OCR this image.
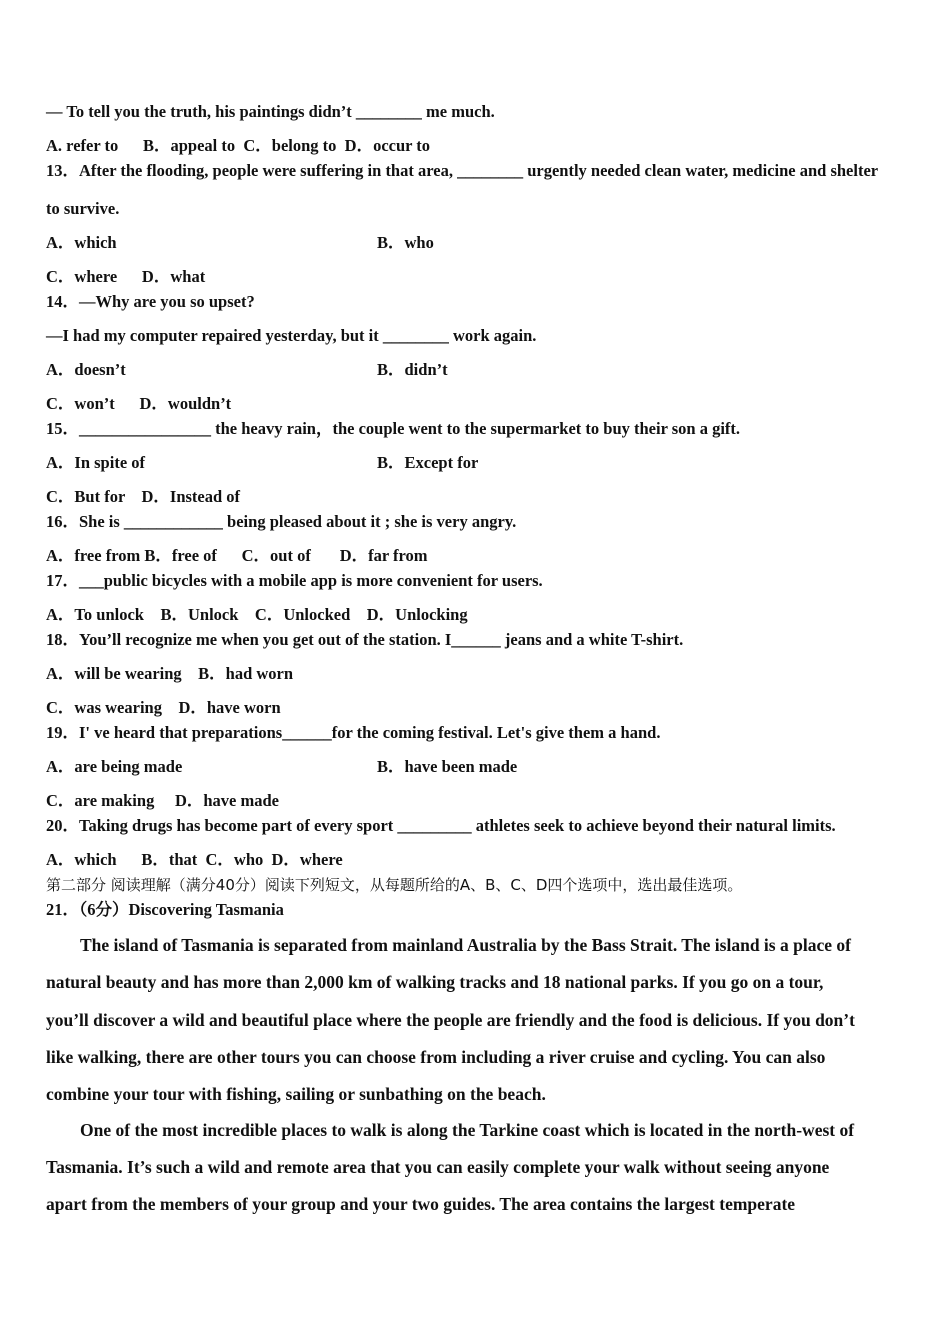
— To tell you the truth, his paintings didn’t ________ me much.
A. refer to      B．appeal to  C．belong to  D．occur to
13．After the flooding, people were suffering in that area, ________ urgently needed clean water, medicine and shelter
to survive.
A．which	B．who
C．where      D．what
14．—Why are you so upset?
—I had my computer repaired yesterday, but it ________ work again.
A．doesn’t	B．didn’t
C．won’t      D．wouldn’t
15．________________ the heavy rain，the couple went to the supermarket to buy their son a gift.
A．In spite of	B．Except for
C．But for    D．Instead of
16．She is ____________ being pleased about it ; she is very angry.
A．free from B．free of      C．out of       D．far from
17．___public bicycles with a mobile app is more convenient for users.
A．To unlock    B．Unlock    C．Unlocked    D．Unlocking
18．You’ll recognize me when you get out of the station. I______ jeans and a white T-shirt.
A．will be wearing    B．had worn
C．was wearing    D．have worn
19．I' ve heard that preparations______for the coming festival. Let's give them a hand.
A．are being made	B．have been made
C．are making     D．have made
20．Taking drugs has become part of every sport _________ athletes seek to achieve beyond their natural limits.
A．which      B．that  C．who  D．where
第二部分 阅读理解（满分40分）阅读下列短文，从每题所给的A、B、C、D四个选项中，选出最佳选项。
21．（6分）Discovering Tasmania
The island of Tasmania is separated from mainland Australia by the Bass Strait. The island is a place of
natural beauty and has more than 2,000 km of walking tracks and 18 national parks. If you go on a tour,
you’ll discover a wild and beautiful place where the people are friendly and the food is delicious. If you don’t
like walking, there are other tours you can choose from including a river cruise and cycling. You can also
combine your tour with fishing, sailing or sunbathing on the beach.
One of the most incredible places to walk is along the Tarkine coast which is located in the north-west of
Tasmania. It’s such a wild and remote area that you can easily complete your walk without seeing anyone
apart from the members of your group and your two guides. The area contains the largest temperate
